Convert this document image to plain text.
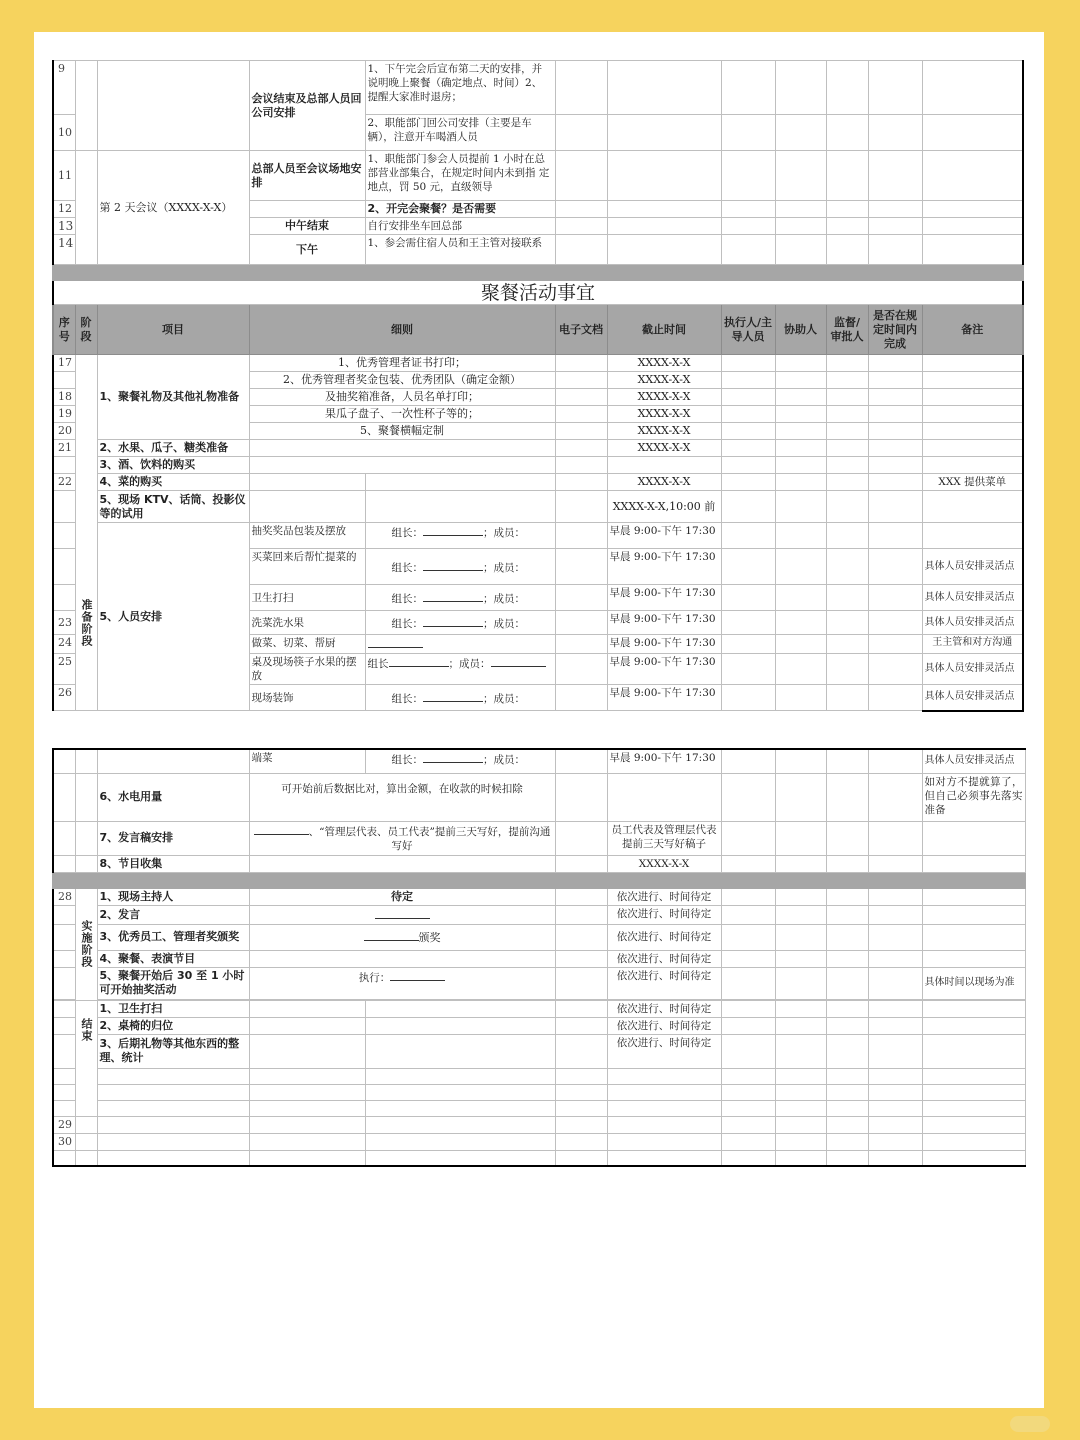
9			会议结束及总部人员回公司安排	1、下午完会后宣布第二天的安排，并说明晚上聚餐（确定地点、时间）2、提醒大家准时退房；							
10				2、职能部门回公司安排（主要是车辆），注意开车喝酒人员							
11		第 2 天会议（XXXX-X-X）	总部人员至会议场地安排	1、职能部门参会人员提前 1 小时在总 部营业部集合，在规定时间内未到指 定地点，罚 50 元，直级领导							
12				2、开完会聚餐？是否需要							
13			中午结束	自行安排坐车回总部							
14			下午	1、参会需住宿人员和王主管对接联系							

聚餐活动事宜											
序号	阶段	项目	细则		电子文档	截止时间	执行人/主导人员	协助人	监督/审批人	是否在规定时间内完成	备注
17	准备阶段	1、聚餐礼物及其他礼物准备	1、优秀管理者证书打印；			XXXX-X-X					
			2、优秀管理者奖金包装、优秀团队（确定金额）			XXXX-X-X					
18			及抽奖箱准备，人员名单打印；			XXXX-X-X					
19			果瓜子盘子、一次性杯子等的；			XXXX-X-X					
20			5、聚餐横幅定制			XXXX-X-X					
21		2、水果、瓜子、糖类准备				XXXX-X-X					
		3、酒、饮料的购买									
22		4、菜的购买				XXXX-X-X					XXX 提供菜单
		5、现场 KTV、话筒、投影仪等的试用				XXXX-X-X,10:00 前					
		5、人员安排	抽奖奖品包装及摆放	组长： ；成员：		早晨 9:00-下午 17:30					
			买菜回来后帮忙提菜的	组长： ；成员：		早晨 9:00-下午 17:30					具体人员安排灵活点
			卫生打扫	组长： ；成员：		早晨 9:00-下午 17:30					具体人员安排灵活点
23			洗菜洗水果	组长： ；成员：		早晨 9:00-下午 17:30					具体人员安排灵活点
24			做菜、切菜、帮厨			早晨 9:00-下午 17:30					王主管和对方沟通
25			桌及现场筷子水果的摆放	组长 ；成员：		早晨 9:00-下午 17:30					具体人员安排灵活点
26			现场装饰	组长： ；成员：		早晨 9:00-下午 17:30					具体人员安排灵活点
			端菜	组长： ；成员：		早晨 9:00-下午 17:30					具体人员安排灵活点
		6、水电用量	可开始前后数据比对，算出金额，在收款的时候扣除								如对方不提就算了，但自己必须事先落实准备
		7、发言稿安排	、“管理层代表、员工代表”提前三天写好，提前沟通写好			员工代表及管理层代表提前三天写好稿子					
		8、节目收集				XXXX-X-X					

28	实施阶段	1、现场主持人	待定			依次进行、时间待定					
		2、发言				依次进行、时间待定					
		3、优秀员工、管理者奖颁奖	颁奖			依次进行、时间待定					
		4、聚餐、表演节目				依次进行、时间待定					
		5、聚餐开始后 30 至 1 小时可开始抽奖活动	执行：			依次进行、时间待定					具体时间以现场为准

	结束	1、卫生打扫				依次进行、时间待定					
		2、桌椅的归位				依次进行、时间待定					
		3、后期礼物等其他东西的整理、统计				依次进行、时间待定					

29											
30											
